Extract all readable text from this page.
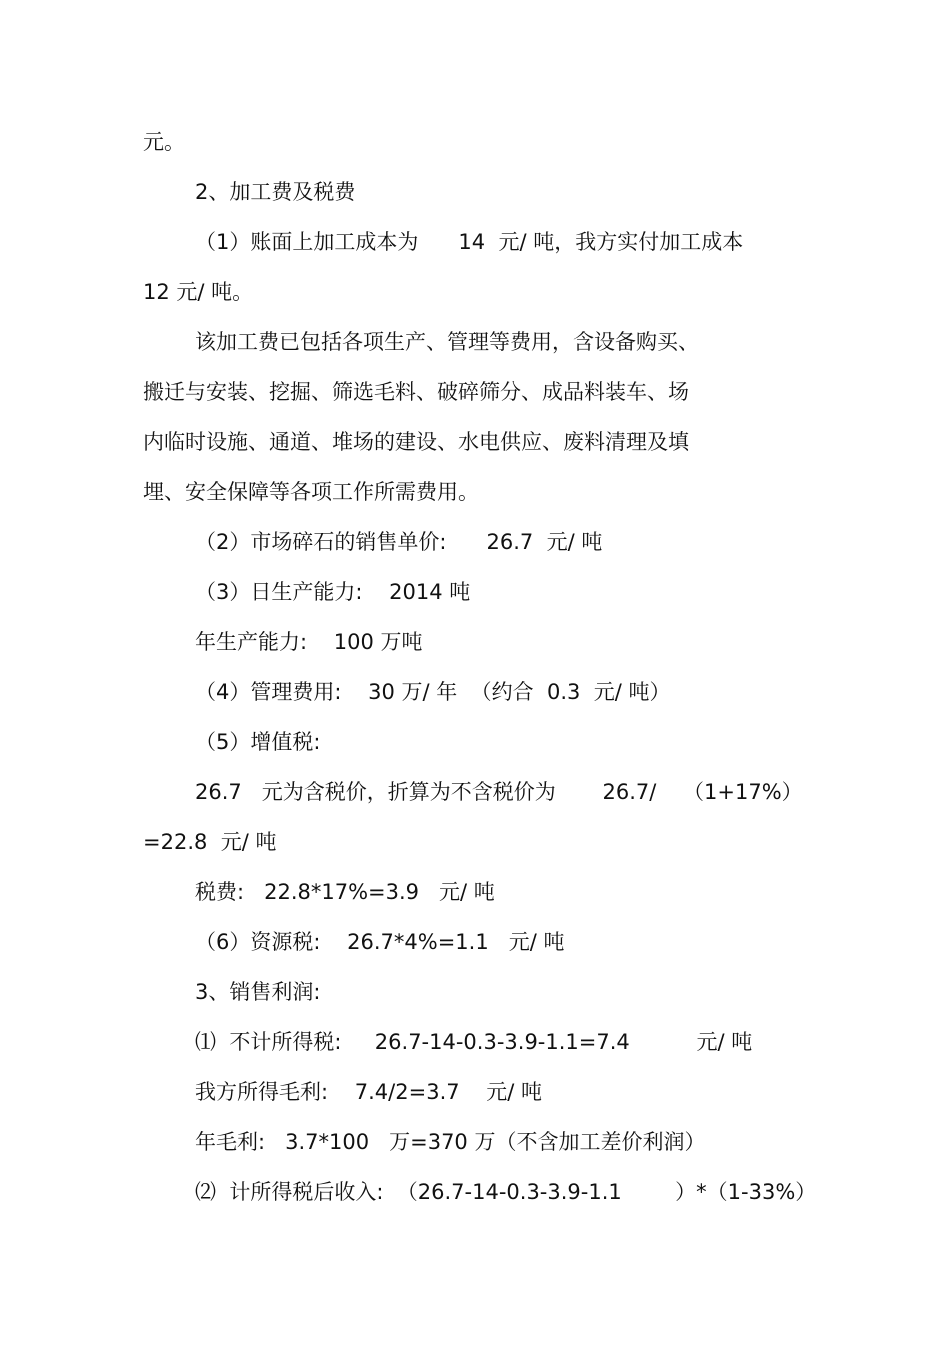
元。
2、加工费及税费
（1）账面上加工成本为      14  元/ 吨，我方实付加工成本
12 元/ 吨。
该加工费已包括各项生产、管理等费用，含设备购买、
搬迁与安装、挖掘、筛选毛料、破碎筛分、成品料装车、场
内临时设施、通道、堆场的建设、水电供应、废料清理及填
埋、安全保障等各项工作所需费用。
（2）市场碎石的销售单价:      26.7  元/ 吨
（3）日生产能力:    2014 吨
年生产能力:    100 万吨
（4）管理费用:    30 万/ 年  （约合  0.3  元/ 吨）
（5）增值税:
26.7   元为含税价，折算为不含税价为       26.7/    （1+17%）
=22.8  元/ 吨
税费:   22.8*17%=3.9   元/ 吨
（6）资源税:    26.7*4%=1.1   元/ 吨
3、销售利润:
⑴  不计所得税:     26.7-14-0.3-3.9-1.1=7.4          元/ 吨
我方所得毛利:    7.4/2=3.7    元/ 吨
年毛利:   3.7*100   万=370 万（不含加工差价利润）
⑵  计所得税后收入:  （26.7-14-0.3-3.9-1.1        ）*（1-33%）
